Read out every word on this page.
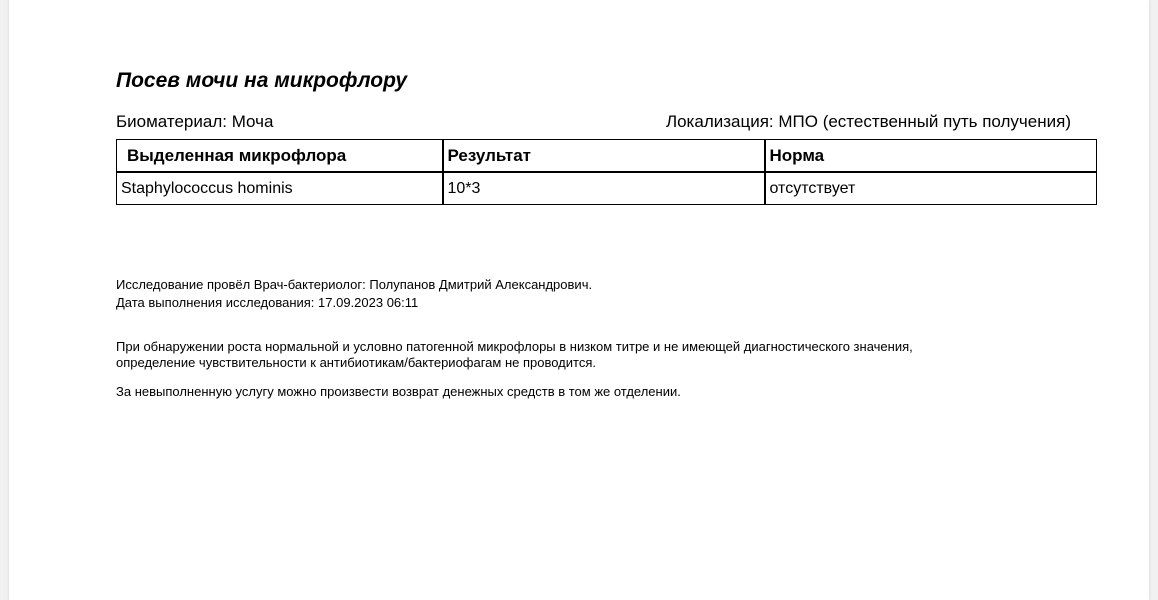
Посев мочи на микрофлору
Биоматериал: Моча	Локализация: МПО (естественный путь получения)
Выделенная микрофлора	Результат	Норма
Staphylococcus hominis	10*3	отсутствует
Исследование провёл Врач-бактериолог: Полупанов Дмитрий Александрович.
Дата выполнения исследования: 17.09.2023 06:11
При обнаружении роста нормальной и условно патогенной микрофлоры в низком титре и не имеющей диагностического значения,
определение чувствительности к антибиотикам/бактериофагам не проводится.
За невыполненную услугу можно произвести возврат денежных средств в том же отделении.
